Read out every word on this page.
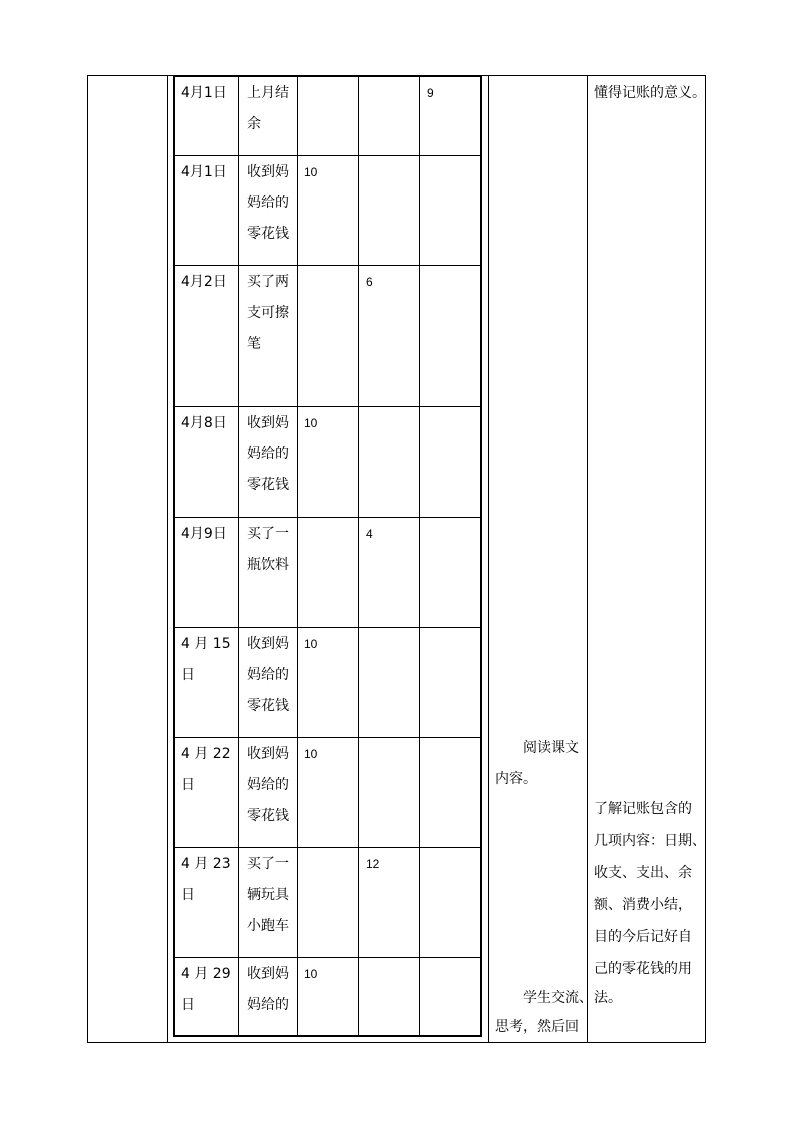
4月1日 上月结
余
9
4月1日 收到妈
妈给的
零花钱
10
4月2日 买了两
支可擦
笔
6
4月8日 收到妈
妈给的
零花钱
10
4月9日 买了一
瓶饮料
4
4 月 15
日
收到妈
妈给的
零花钱
10
4 月 22
日
收到妈
妈给的
零花钱
10
4 月 23
日
买了一
辆玩具
小跑车
12
4 月 29
日
收到妈
妈给的
10
阅读课文
内容。
学生交流、
思考，然后回
懂得记账的意义。
了解记账包含的
几项内容：日期、
收支、支出、余
额、消费小结，
目的今后记好自
己的零花钱的用
法。
